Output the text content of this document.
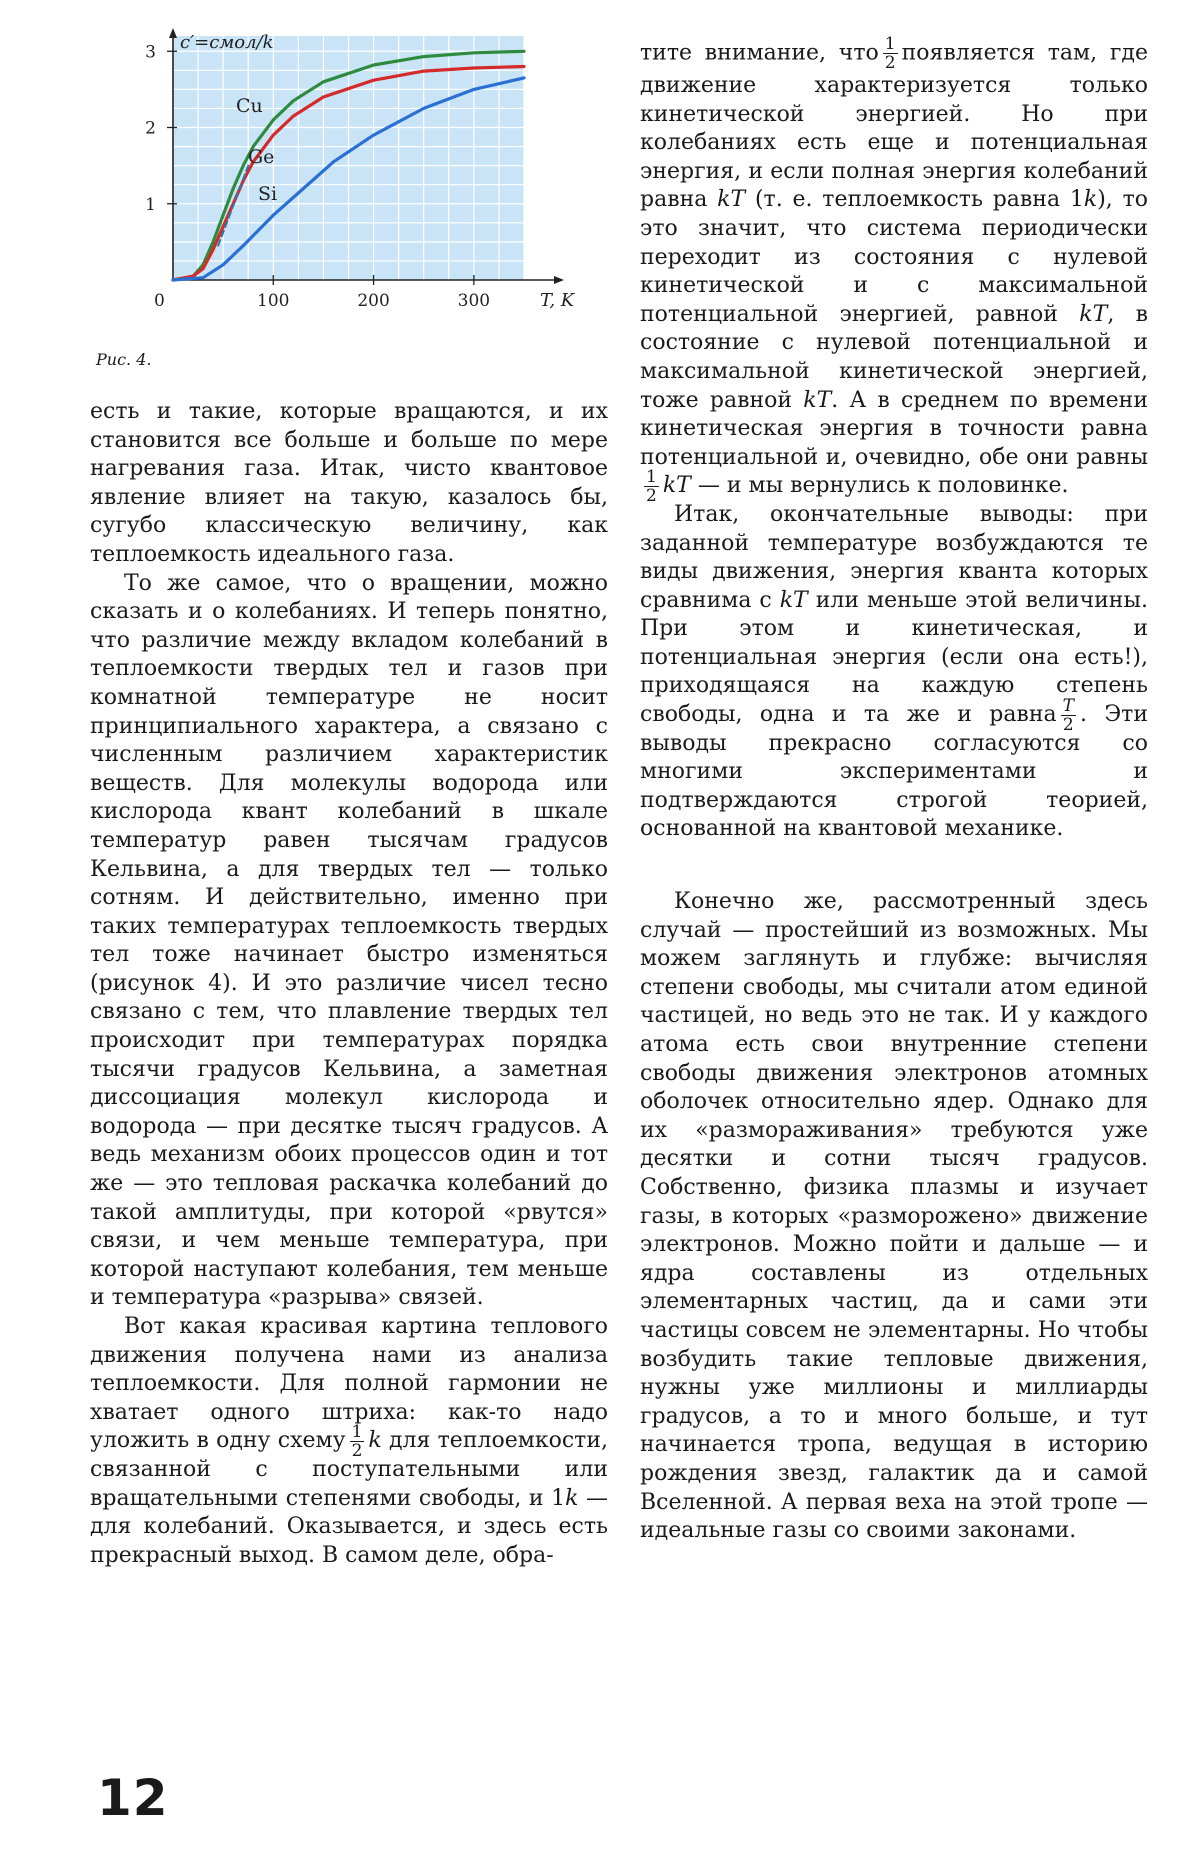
100	200	300
1
2
3
0	T, K
c′=cмол/k
Cu
Ge
Si
Рис. 4.

есть и такие, которые вращаются, и их становится все больше и больше по мере нагревания газа. Итак, чисто квантовое явление влияет на такую, казалось бы, сугубо классическую величину, как теплоемкость идеального газа.

То же самое, что о вращении, можно сказать и о колебаниях. И теперь понятно, что различие между вкладом колебаний в теплоемкости твердых тел и газов при комнатной температуре не носит принципиального характера, а связано с численным различием характеристик веществ. Для молекулы водорода или кислорода квант колебаний в шкале температур равен тысячам градусов Кельвина, а для твердых тел — только сотням. И действительно, именно при таких температурах теплоемкость твердых тел тоже начинает быстро изменяться (рисунок 4). И это различие чисел тесно связано с тем, что плавление твердых тел происходит при температурах порядка тысячи градусов Кельвина, а заметная диссоциация молекул кислорода и водорода — при десятке тысяч градусов. А ведь механизм обоих процессов один и тот же — это тепловая раскачка колебаний до такой амплитуды, при которой «рвутся» связи, и чем меньше температура, при которой наступают колебания, тем меньше и температура «разрыва» связей.

Вот какая красивая картина теплового движения получена нами из анализа теплоемкости. Для полной гармонии не хватает одного штриха: как-то надо уложить в одну схему $\frac{1}{2}$ k для теплоемкости, связанной с поступательными или вращательными степенями свободы, и 1k — для колебаний. Оказывается, и здесь есть прекрасный выход. В самом деле, обра-

тите внимание, что $\frac{1}{2}$ появляется там, где движение характеризуется только кинетической энергией. Но при колебаниях есть еще и потенциальная энергия, и если полная энергия колебаний равна kT (т. е. теплоемкость равна 1k), то это значит, что система периодически переходит из состояния с нулевой кинетической и с максимальной потенциальной энергией, равной kT, в состояние с нулевой потенциальной и максимальной кинетической энергией, тоже равной kT. А в среднем по времени кинетическая энергия в точности равна потенциальной и, очевидно, обе они равны
$\frac{1}{2}$ kT — и мы вернулись к половинке.

Итак, окончательные выводы: при заданной температуре возбуждаются те виды движения, энергия кванта которых сравнима с kT или меньше этой величины. При этом и кинетическая, и потенциальная энергия (если она есть!), приходящаяся на каждую степень свободы, одна и та же и равна $\frac{T}{2}$ . Эти выводы прекрасно согласуются со многими экспериментами и подтверждаются строгой теорией, основанной на квантовой механике.

Конечно же, рассмотренный здесь случай — простейший из возможных. Мы можем заглянуть и глубже: вычисляя степени свободы, мы считали атом единой частицей, но ведь это не так. И у каждого атома есть свои внутренние степени свободы движения электронов атомных оболочек относительно ядер. Однако для их «размораживания» требуются уже десятки и сотни тысяч градусов. Собственно, физика плазмы и изучает газы, в которых «разморожено» движение электронов. Можно пойти и дальше — и ядра составлены из отдельных элементарных частиц, да и сами эти частицы совсем не элементарны. Но чтобы возбудить такие тепловые движения, нужны уже миллионы и миллиарды градусов, а то и много больше, и тут начинается тропа, ведущая в историю рождения звезд, галактик да и самой Вселенной. А первая веха на этой тропе — идеальные газы со своими законами.

12
